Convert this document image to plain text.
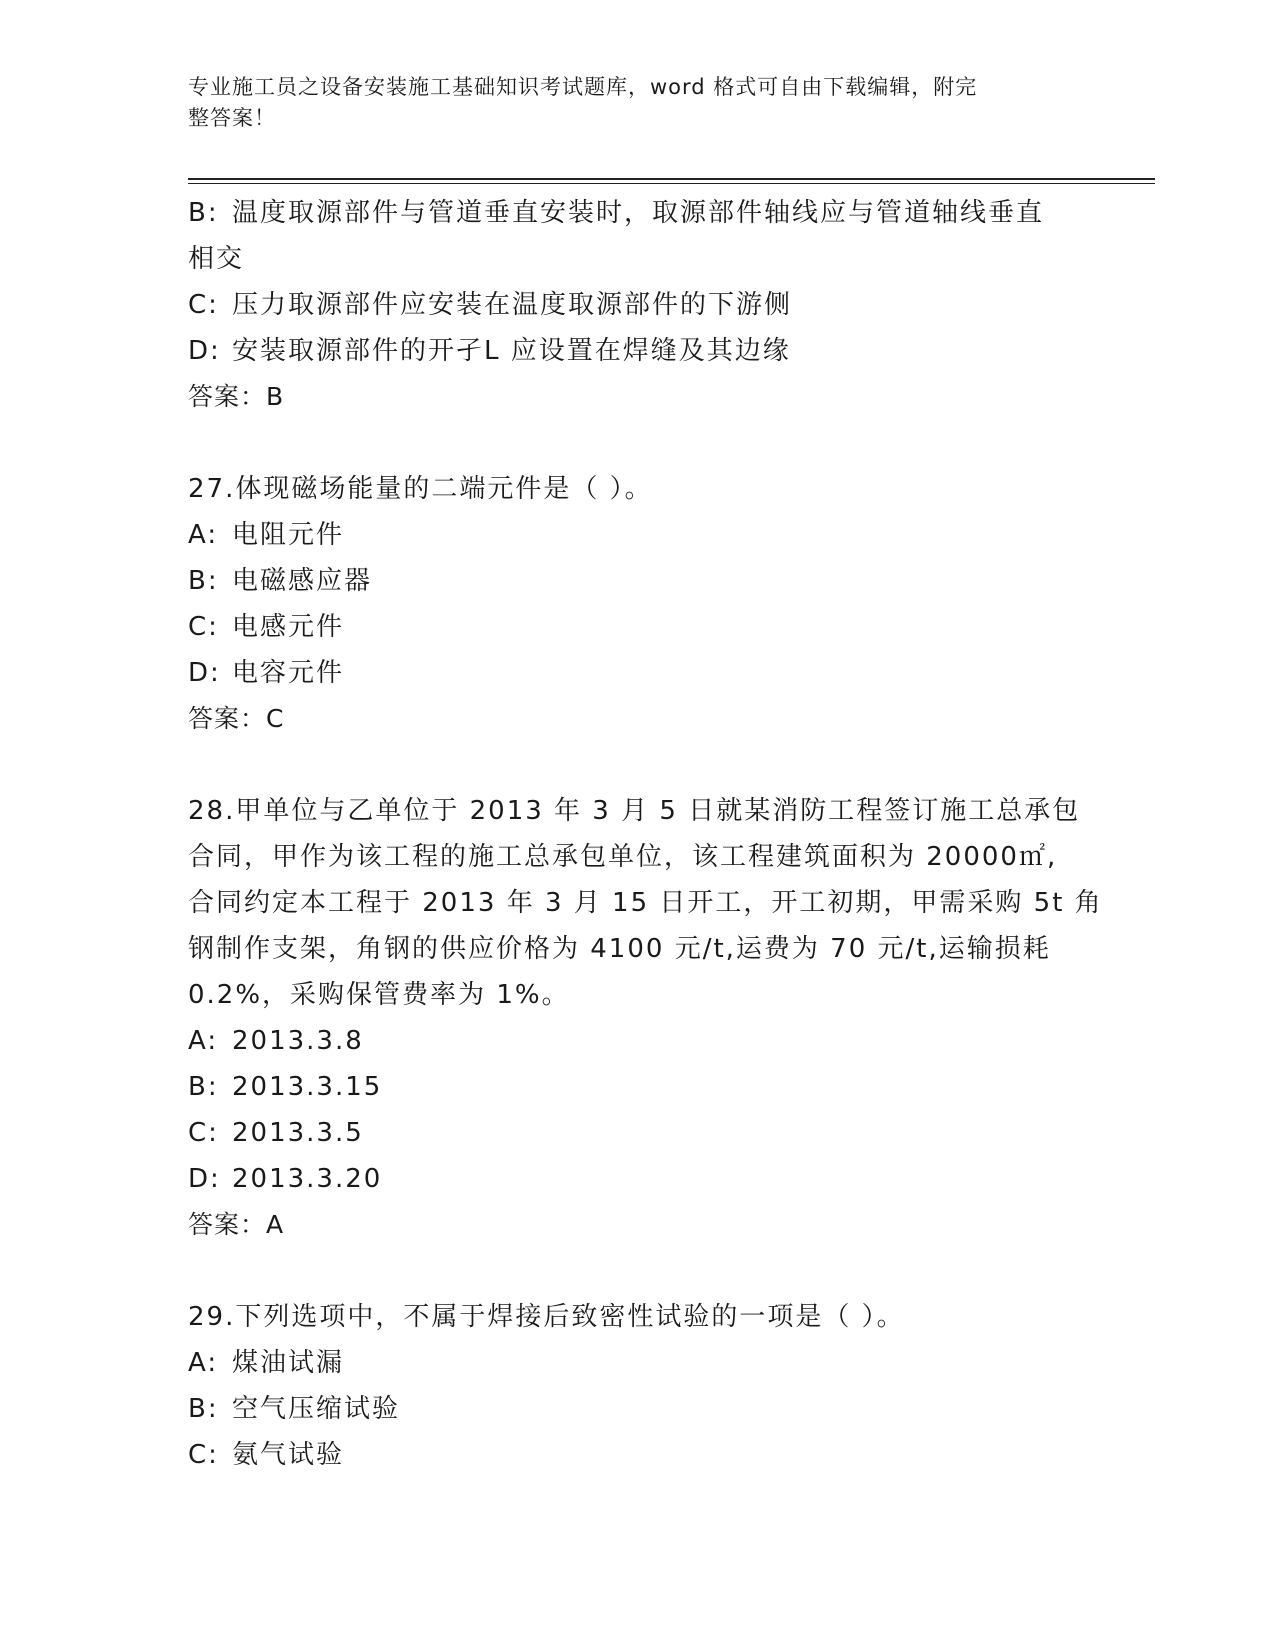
专业施工员之设备安装施工基础知识考试题库，word 格式可自由下载编辑，附完
整答案！
B: 温度取源部件与管道垂直安装时，取源部件轴线应与管道轴线垂直
相交
C: 压力取源部件应安装在温度取源部件的下游侧
D: 安装取源部件的开孑L 应设置在焊缝及其边缘
答案：B
27.体现磁场能量的二端元件是（ ）。
A: 电阻元件
B: 电磁感应器
C: 电感元件
D: 电容元件
答案：C
28.甲单位与乙单位于 2013 年 3 月 5 日就某消防工程签订施工总承包
合同，甲作为该工程的施工总承包单位，该工程建筑面积为 20000㎡,
合同约定本工程于 2013 年 3 月 15 日开工，开工初期，甲需采购 5t 角
钢制作支架，角钢的供应价格为 4100 元/t,运费为 70 元/t,运输损耗
0.2%，采购保管费率为 1%。
A: 2013.3.8
B: 2013.3.15
C: 2013.3.5
D: 2013.3.20
答案：A
29.下列选项中，不属于焊接后致密性试验的一项是（ ）。
A: 煤油试漏
B: 空气压缩试验
C: 氨气试验
